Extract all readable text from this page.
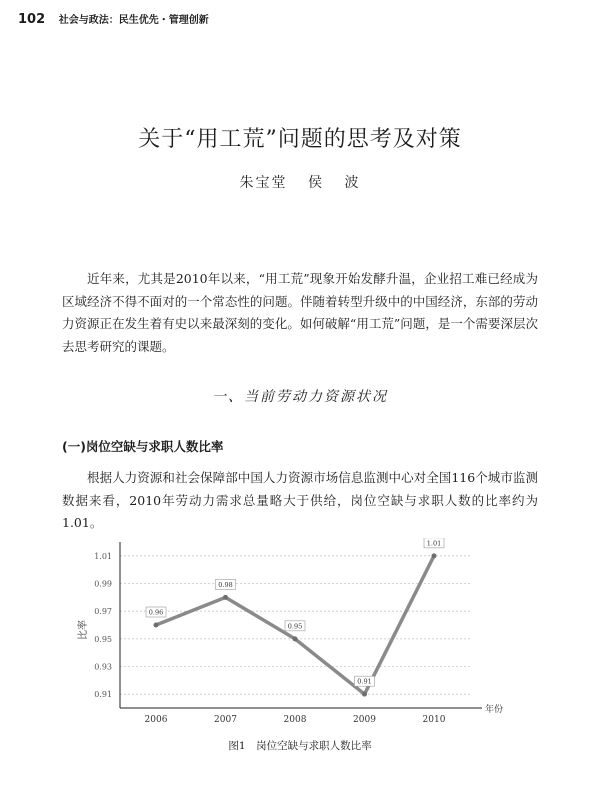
102 社会与政法：民生优先・管理创新
关于“用工荒”问题的思考及对策
朱宝堂 侯 波
近年来，尤其是2010年以来，“用工荒”现象开始发酵升温，企业招工难已经成为区域经济不得不面对的一个常态性的问题。伴随着转型升级中的中国经济，东部的劳动力资源正在发生着有史以来最深刻的变化。如何破解“用工荒”问题，是一个需要深层次去思考研究的课题。
一、当前劳动力资源状况
(一)岗位空缺与求职人数比率
根据人力资源和社会保障部中国人力资源市场信息监测中心对全国116个城市监测数据来看，2010年劳动力需求总量略大于供给，岗位空缺与求职人数的比率约为1.01。
0.91
0.93
0.95
0.97
0.99
1.01
2006	2007	2008	2009	2010
年份
比率
0.96
0.98
0.95
0.91
1.01
图1　岗位空缺与求职人数比率
